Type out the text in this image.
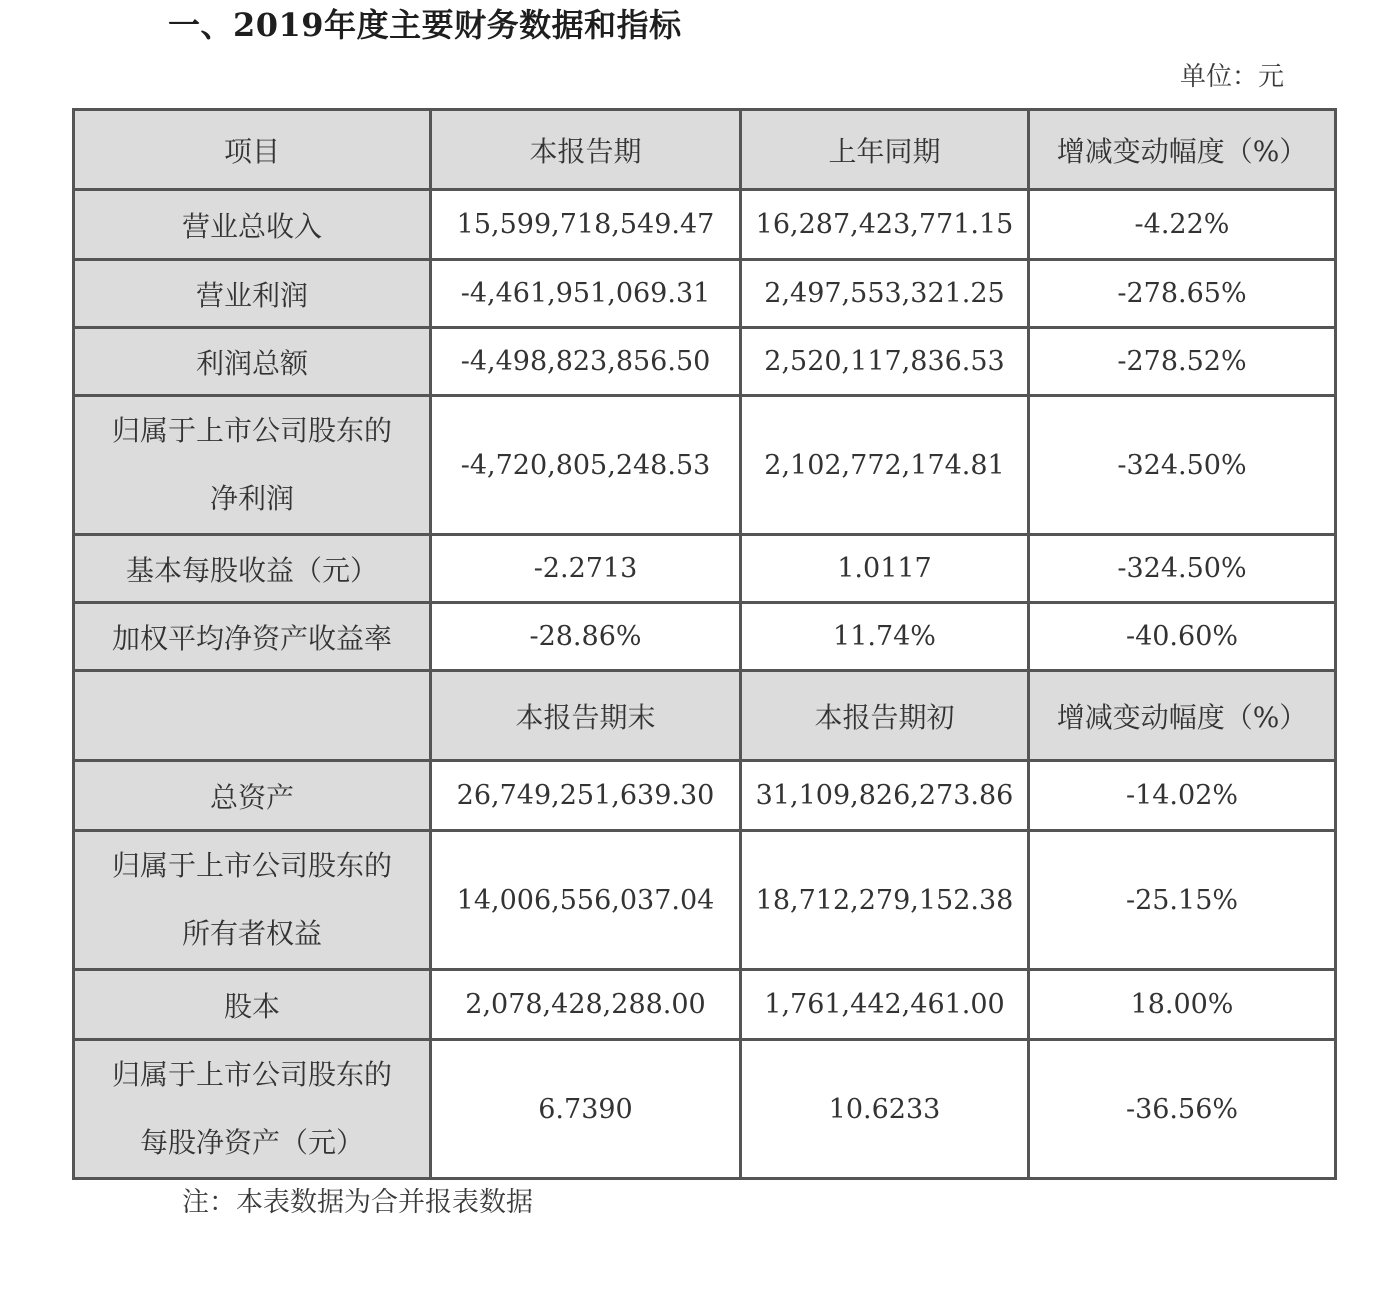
一、2019年度主要财务数据和指标
单位：元
项目	本报告期	上年同期	增减变动幅度（%）
营业总收入	15,599,718,549.47	16,287,423,771.15	-4.22%
营业利润	-4,461,951,069.31	2,497,553,321.25	-278.65%
利润总额	-4,498,823,856.50	2,520,117,836.53	-278.52%

归属于上市公司股东的
净利润	-4,720,805,248.53	2,102,772,174.81	-324.50%
基本每股收益（元）	-2.2713	1.0117	-324.50%
加权平均净资产收益率	-28.86%	11.74%	-40.60%
	本报告期末	本报告期初	增减变动幅度（%）
总资产	26,749,251,639.30	31,109,826,273.86	-14.02%

归属于上市公司股东的
所有者权益	14,006,556,037.04	18,712,279,152.38	-25.15%
股本	2,078,428,288.00	1,761,442,461.00	18.00%

归属于上市公司股东的
每股净资产（元）	6.7390	10.6233	-36.56%
注：本表数据为合并报表数据
